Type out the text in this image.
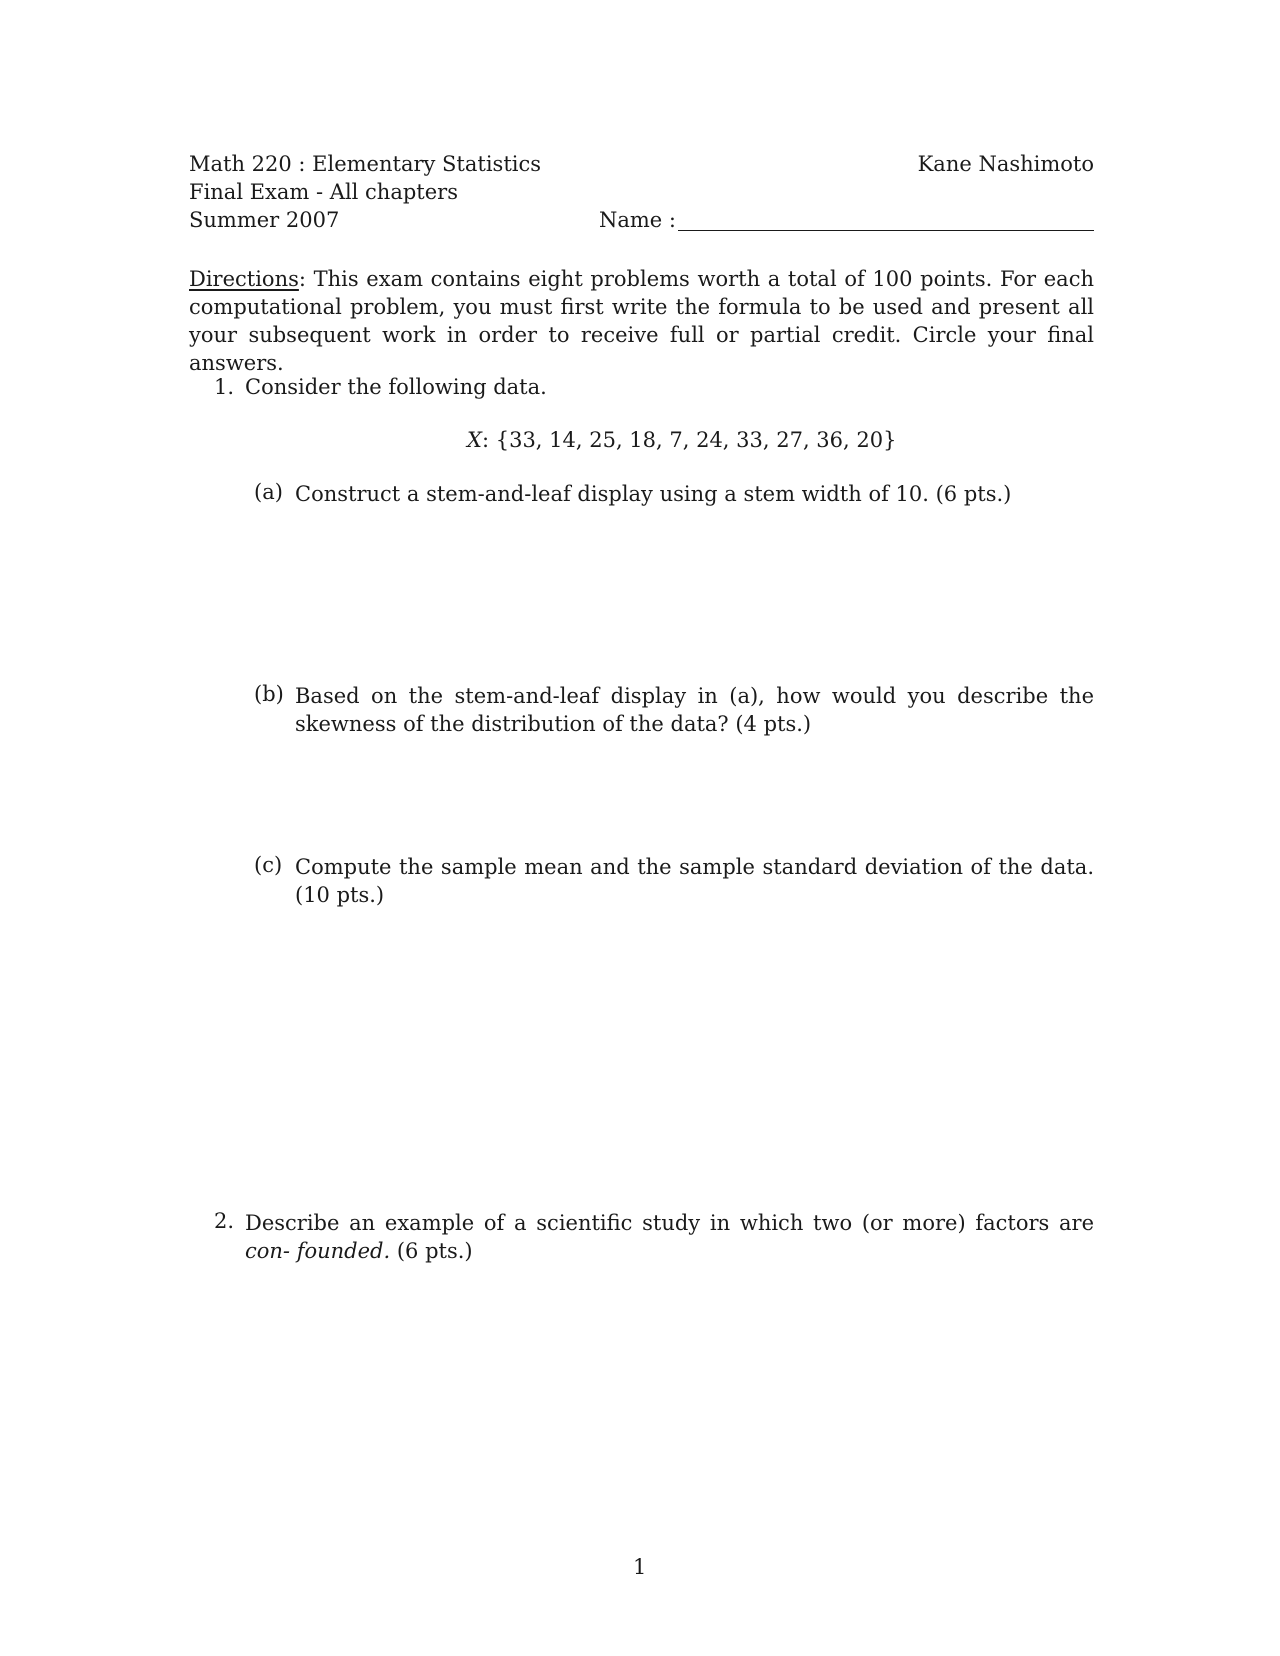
Math 220 : Elementary Statistics
Final Exam - All chapters
Summer 2007
Kane Nashimoto
Name :
Directions: This exam contains eight problems worth a total of 100 points. For each computational problem, you must first write the formula to be used and present all your subsequent work in order to receive full or partial credit. Circle your final answers.
1. Consider the following data.
X: {33, 14, 25, 18, 7, 24, 33, 27, 36, 20}
(a) Construct a stem-and-leaf display using a stem width of 10. (6 pts.)
(b) Based on the stem-and-leaf display in (a), how would you describe the skewness of the distribution of the data? (4 pts.)
(c) Compute the sample mean and the sample standard deviation of the data. (10 pts.)
2. Describe an example of a scientific study in which two (or more) factors are con- founded. (6 pts.)
1
